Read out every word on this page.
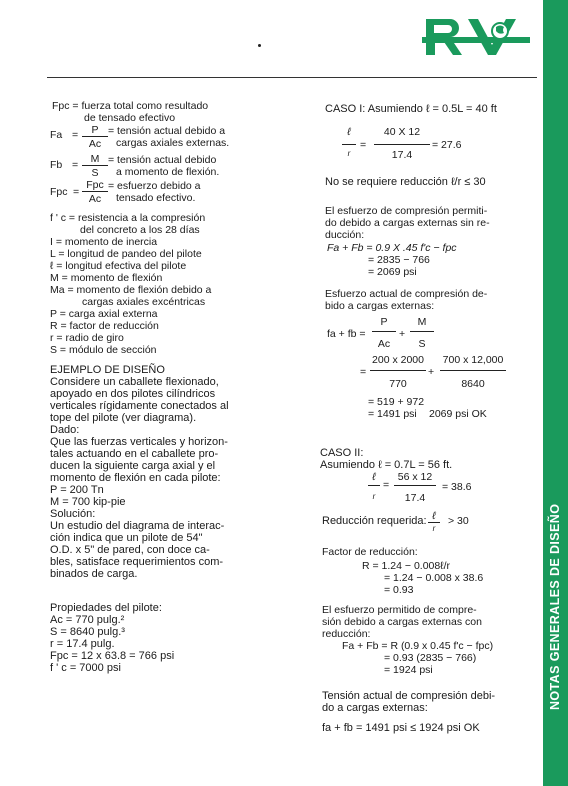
Fpc = fuerza total como resultado
de tensado efectivo
Fa =	P
Ac
= tensión actual debido a
cargas axiales externas.
Fb =	M
S
= tensión actual debido
a momento de flexión.
Fpc =
Fpc
Ac
= esfuerzo debido a
tensado efectivo.
f ' c = resistencia a la compresión
del concreto a los 28 días
I = momento de inercia
L = longitud de pandeo del pilote
ℓ = longitud efectiva del pilote
M = momento de flexión
Ma = momento de flexión debido a
cargas axiales excéntricas
P = carga axial externa
R = factor de reducción
r = radio de giro
S = módulo de sección
EJEMPLO DE DISEÑO
Considere un caballete flexionado,
apoyado en dos pilotes cilíndricos
verticales rígidamente conectados al
tope del pilote (ver diagrama).
Dado:
Que las fuerzas verticales y horizon-
tales actuando en el caballete pro-
ducen la siguiente carga axial y el
momento de flexión en cada pilote:
P = 200 Tn
M = 700 kip-pie
Solución:
Un estudio del diagrama de interac-
ción indica que un pilote de 54"
O.D. x 5" de pared, con doce ca-
bles, satisface requerimientos com-
binados de carga.
Propiedades del pilote:
Ac = 770 pulg.²
S = 8640 pulg.³
r = 17.4 pulg.
Fpc = 12 x 63.8 = 766 psi
f ' c = 7000 psi
CASO I: Asumiendo ℓ = 0.5L = 40 ft
ℓ
r
=
40 X 12
17.4
= 27.6
No se requiere reducción ℓ/r ≤ 30
El esfuerzo de compresión permiti-
do debido a cargas externas sin re-
ducción:
Fa + Fb = 0.9 X .45 f'c − fpc
= 2835 − 766
= 2069 psi
Esfuerzo actual de compresión de-
bido a cargas externas:
fa + fb =
P
Ac
+
M
S
=
200 x 2000
770
+
700 x 12,000
8640
= 519 + 972
= 1491 psi 2069 psi OK
CASO II:
Asumiendo ℓ = 0.7L = 56 ft.
ℓ
r
=
56 x 12
17.4
= 38.6
Reducción requerida: ℓ
r
> 30
Factor de reducción:
R = 1.24 − 0.008ℓ/r
= 1.24 − 0.008 x 38.6
= 0.93
El esfuerzo permitido de compre-
sión debido a cargas externas con
reducción:
Fa + Fb = R (0.9 x 0.45 f'c − fpc)
= 0.93 (2835 − 766)
= 1924 psi
Tensión actual de compresión debi-
do a cargas externas:
fa + fb = 1491 psi ≤ 1924 psi OK
NOTAS GENERALES DE DISEÑO
